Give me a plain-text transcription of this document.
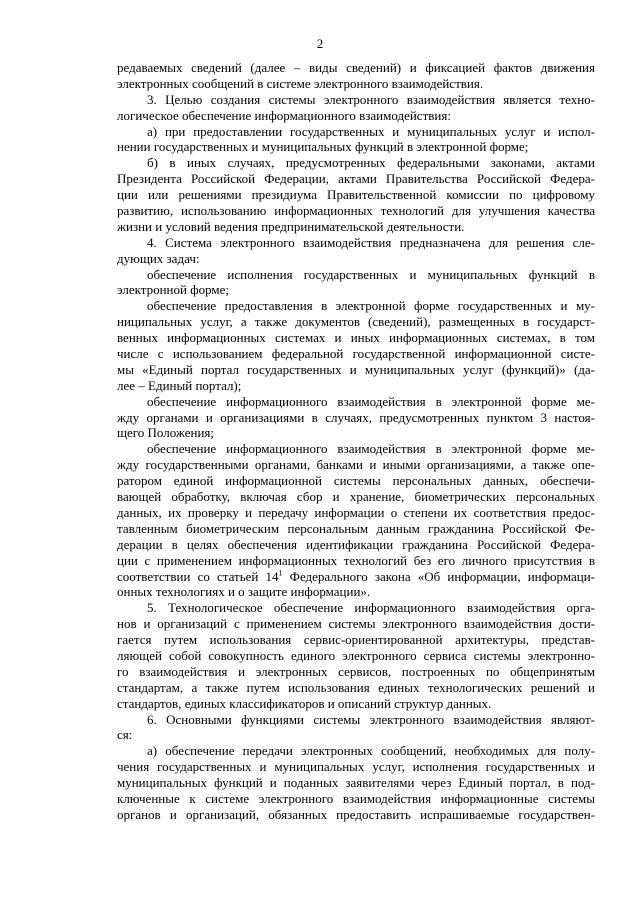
2
редаваемых сведений (далее – виды сведений) и фиксацией фактов движения
электронных сообщений в системе электронного взаимодействия.
3. Целью создания системы электронного взаимодействия является техно-
логическое обеспечение информационного взаимодействия:
а) при предоставлении государственных и муниципальных услуг и испол-
нении государственных и муниципальных функций в электронной форме;
б) в иных случаях, предусмотренных федеральными законами, актами
Президента Российской Федерации, актами Правительства Российской Федера-
ции или решениями президиума Правительственной комиссии по цифровому
развитию, использованию информационных технологий для улучшения качества
жизни и условий ведения предпринимательской деятельности.
4. Система электронного взаимодействия предназначена для решения сле-
дующих задач:
обеспечение исполнения государственных и муниципальных функций в
электронной форме;
обеспечение предоставления в электронной форме государственных и му-
ниципальных услуг, а также документов (сведений), размещенных в государст-
венных информационных системах и иных информационных системах, в том
числе с использованием федеральной государственной информационной систе-
мы «Единый портал государственных и муниципальных услуг (функций)» (да-
лее – Единый портал);
обеспечение информационного взаимодействия в электронной форме ме-
жду органами и организациями в случаях, предусмотренных пунктом 3 настоя-
щего Положения;
обеспечение информационного взаимодействия в электронной форме ме-
жду государственными органами, банками и иными организациями, а также опе-
ратором единой информационной системы персональных данных, обеспечи-
вающей обработку, включая сбор и хранение, биометрических персональных
данных, их проверку и передачу информации о степени их соответствия предос-
тавленным биометрическим персональным данным гражданина Российской Фе-
дерации в целях обеспечения идентификации гражданина Российской Федера-
ции с применением информационных технологий без его личного присутствия в
соответствии со статьей $14^1$ Федерального закона «Об информации, информаци-
онных технологиях и о защите информации».
5. Технологическое обеспечение информационного взаимодействия орга-
нов и организаций с применением системы электронного взаимодействия дости-
гается путем использования сервис-ориентированной архитектуры, представ-
ляющей собой совокупность единого электронного сервиса системы электронно-
го взаимодействия и электронных сервисов, построенных по общепринятым
стандартам, а также путем использования единых технологических решений и
стандартов, единых классификаторов и описаний структур данных.
6. Основными функциями системы электронного взаимодействия являют-
ся:
а) обеспечение передачи электронных сообщений, необходимых для полу-
чения государственных и муниципальных услуг, исполнения государственных и
муниципальных функций и поданных заявителями через Единый портал, в под-
ключенные к системе электронного взаимодействия информационные системы
органов и организаций, обязанных предоставить испрашиваемые государствен-
